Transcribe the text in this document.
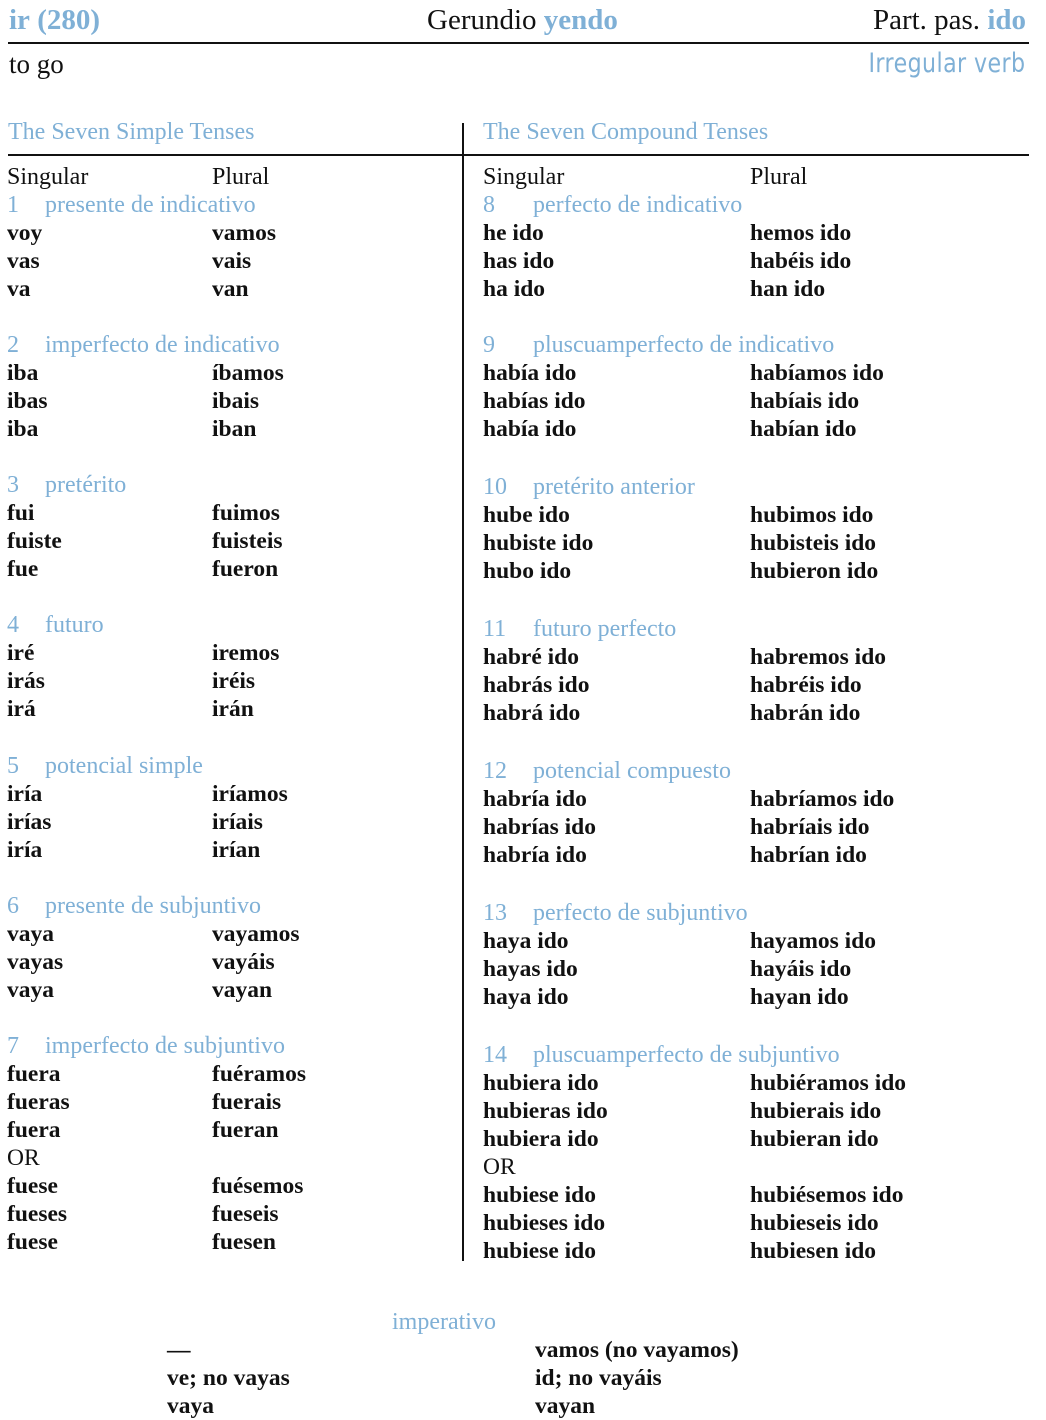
ir (280)	Gerundio yendo	Part. pas. ido
to go	Irregular verb
The Seven Simple Tenses	The Seven Compound Tenses
Singular	Plural
1 presente de indicativo
voy	vamos
vas	vais
va	van
2 imperfecto de indicativo
iba	íbamos
ibas	ibais
iba	iban
3 pretérito
fui	fuimos
fuiste	fuisteis
fue	fueron
4 futuro
iré	iremos
irás	iréis
irá	irán
5 potencial simple
iría	iríamos
irías	iríais
iría	irían
6 presente de subjuntivo
vaya	vayamos
vayas	vayáis
vaya	vayan
7 imperfecto de subjuntivo
fuera	fuéramos
fueras	fuerais
fuera	fueran
OR
fuese	fuésemos
fueses	fueseis
fuese	fuesen
Singular	Plural
8 perfecto de indicativo
he ido	hemos ido
has ido	habéis ido
ha ido	han ido
9 pluscuamperfecto de indicativo
había ido	habíamos ido
habías ido	habíais ido
había ido	habían ido
10 pretérito anterior
hube ido	hubimos ido
hubiste ido	hubisteis ido
hubo ido	hubieron ido
11 futuro perfecto
habré ido	habremos ido
habrás ido	habréis ido
habrá ido	habrán ido
12 potencial compuesto
habría ido	habríamos ido
habrías ido	habríais ido
habría ido	habrían ido
13 perfecto de subjuntivo
haya ido	hayamos ido
hayas ido	hayáis ido
haya ido	hayan ido
14 pluscuamperfecto de subjuntivo
hubiera ido	hubiéramos ido
hubieras ido	hubierais ido
hubiera ido	hubieran ido
OR
hubiese ido	hubiésemos ido
hubieses ido	hubieseis ido
hubiese ido	hubiesen ido
imperativo
—	vamos (no vayamos)
ve; no vayas	id; no vayáis
vaya	vayan
